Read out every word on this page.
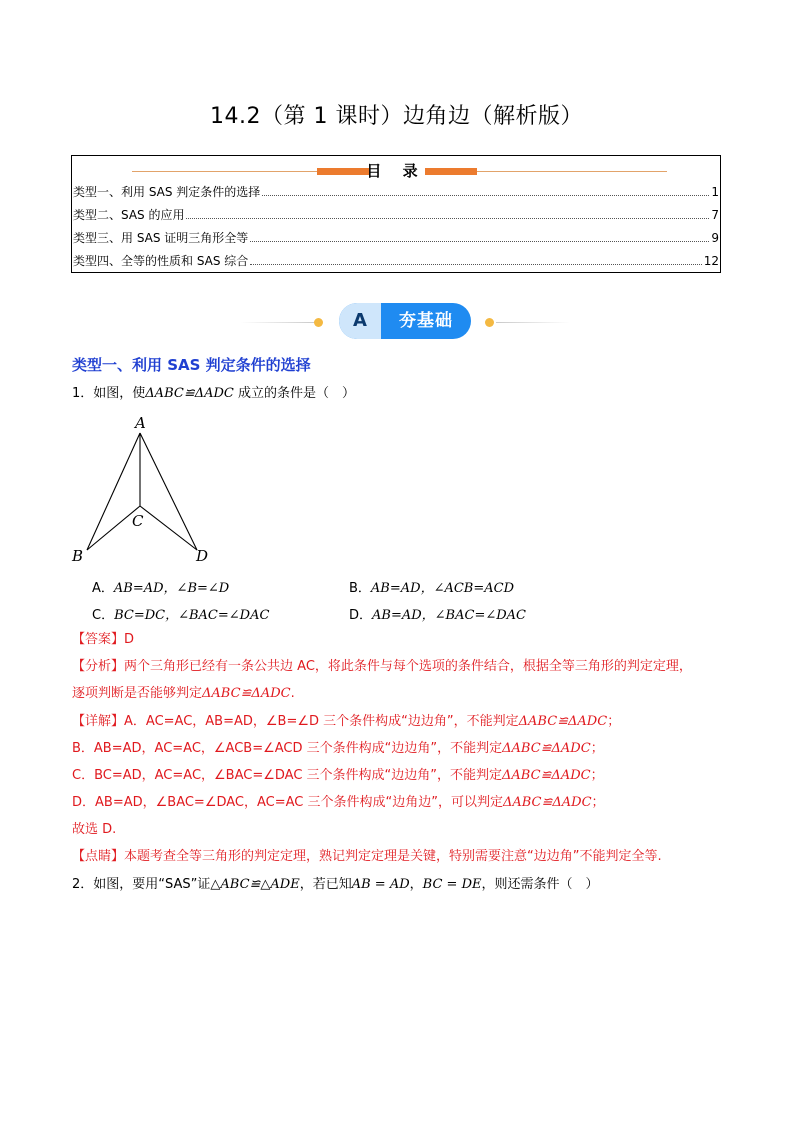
14.2（第 1 课时）边角边（解析版）
目 录
类型一、利用 SAS 判定条件的选择	1
类型二、SAS 的应用	7
类型三、用 SAS 证明三角形全等	9
类型四、全等的性质和 SAS 综合	12
A	夯基础
类型一、利用 SAS 判定条件的选择
1．如图，使ΔABC≌ΔADC 成立的条件是（　）
A
B
C
D
A．AB=AD，∠B=∠D	B．AB=AD，∠ACB=ACD
C．BC=DC，∠BAC=∠DAC	D．AB=AD，∠BAC=∠DAC
【答案】D
【分析】两个三角形已经有一条公共边 AC，将此条件与每个选项的条件结合，根据全等三角形的判定定理，
逐项判断是否能够判定ΔABC≌ΔADC.
【详解】A．AC=AC，AB=AD，∠B=∠D 三个条件构成“边边角”，不能判定ΔABC≌ΔADC；
B．AB=AD，AC=AC，∠ACB=∠ACD 三个条件构成“边边角”，不能判定ΔABC≌ΔADC；
C．BC=AD，AC=AC，∠BAC=∠DAC 三个条件构成“边边角”，不能判定ΔABC≌ΔADC；
D．AB=AD，∠BAC=∠DAC，AC=AC 三个条件构成“边角边”，可以判定ΔABC≌ΔADC；
故选 D.
【点睛】本题考查全等三角形的判定定理，熟记判定定理是关键，特别需要注意“边边角”不能判定全等.
2．如图，要用“SAS”证△ABC≌△ADE，若已知AB = AD，BC = DE，则还需条件（　）
